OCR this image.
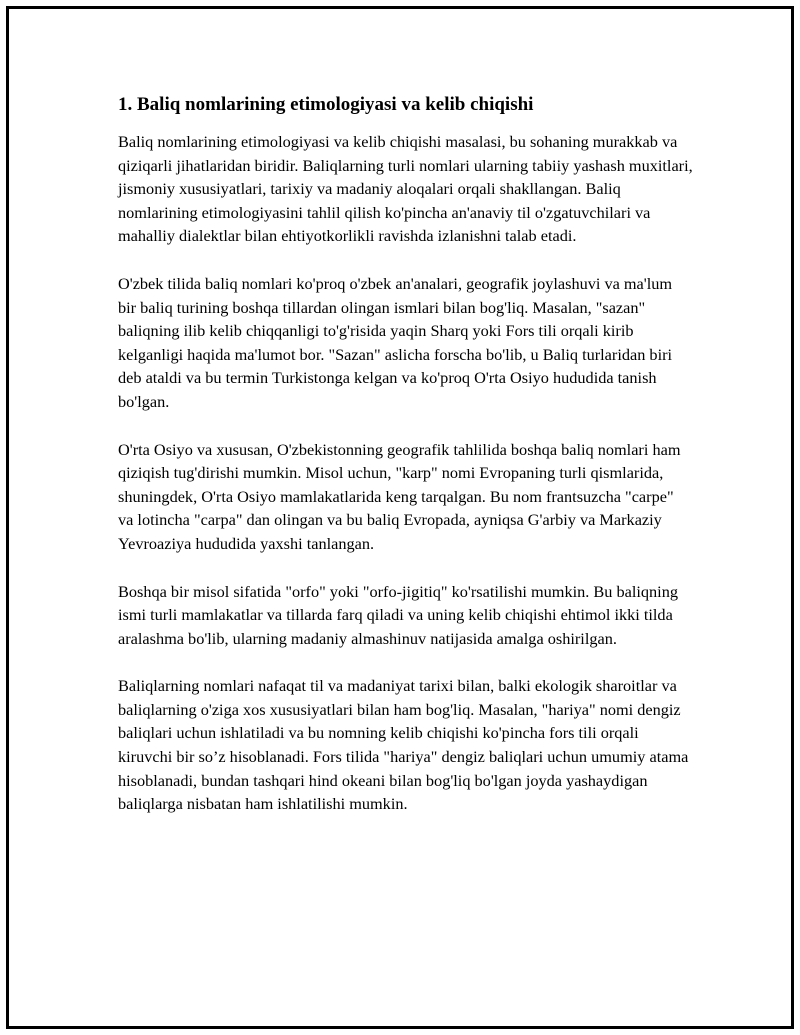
1. Baliq nomlarining etimologiyasi va kelib chiqishi

Baliq nomlarining etimologiyasi va kelib chiqishi masalasi, bu sohaning murakkab va qiziqarli jihatlaridan biridir. Baliqlarning turli nomlari ularning tabiiy yashash muxitlari, jismoniy xususiyatlari, tarixiy va madaniy aloqalari orqali shakllangan. Baliq nomlarining etimologiyasini tahlil qilish ko'pincha an'anaviy til o'zgatuvchilari va mahalliy dialektlar bilan ehtiyotkorlikli ravishda izlanishni talab etadi.

O'zbek tilida baliq nomlari ko'proq o'zbek an'analari, geografik joylashuvi va ma'lum bir baliq turining boshqa tillardan olingan ismlari bilan bog'liq. Masalan, "sazan" baliqning ilib kelib chiqqanligi to'g'risida yaqin Sharq yoki Fors tili orqali kirib kelganligi haqida ma'lumot bor. "Sazan" aslicha forscha bo'lib, u Baliq turlaridan biri deb ataldi va bu termin Turkistonga kelgan va ko'proq O'rta Osiyo hududida tanish bo'lgan.

O'rta Osiyo va xususan, O'zbekistonning geografik tahlilida boshqa baliq nomlari ham qiziqish tug'dirishi mumkin. Misol uchun, "karp" nomi Evropaning turli qismlarida, shuningdek, O'rta Osiyo mamlakatlarida keng tarqalgan. Bu nom frantsuzcha "carpe" va lotincha "carpa" dan olingan va bu baliq Evropada, ayniqsa G'arbiy va Markaziy Yevroaziya hududida yaxshi tanlangan.

Boshqa bir misol sifatida "orfo" yoki "orfo-jigitiq" ko'rsatilishi mumkin. Bu baliqning ismi turli mamlakatlar va tillarda farq qiladi va uning kelib chiqishi ehtimol ikki tilda aralashma bo'lib, ularning madaniy almashinuv natijasida amalga oshirilgan.

Baliqlarning nomlari nafaqat til va madaniyat tarixi bilan, balki ekologik sharoitlar va baliqlarning o'ziga xos xususiyatlari bilan ham bog'liq. Masalan, "hariya" nomi dengiz baliqlari uchun ishlatiladi va bu nomning kelib chiqishi ko'pincha fors tili orqali kiruvchi bir so’z hisoblanadi. Fors tilida "hariya" dengiz baliqlari uchun umumiy atama hisoblanadi, bundan tashqari hind okeani bilan bog'liq bo'lgan joyda yashaydigan baliqlarga nisbatan ham ishlatilishi mumkin.
